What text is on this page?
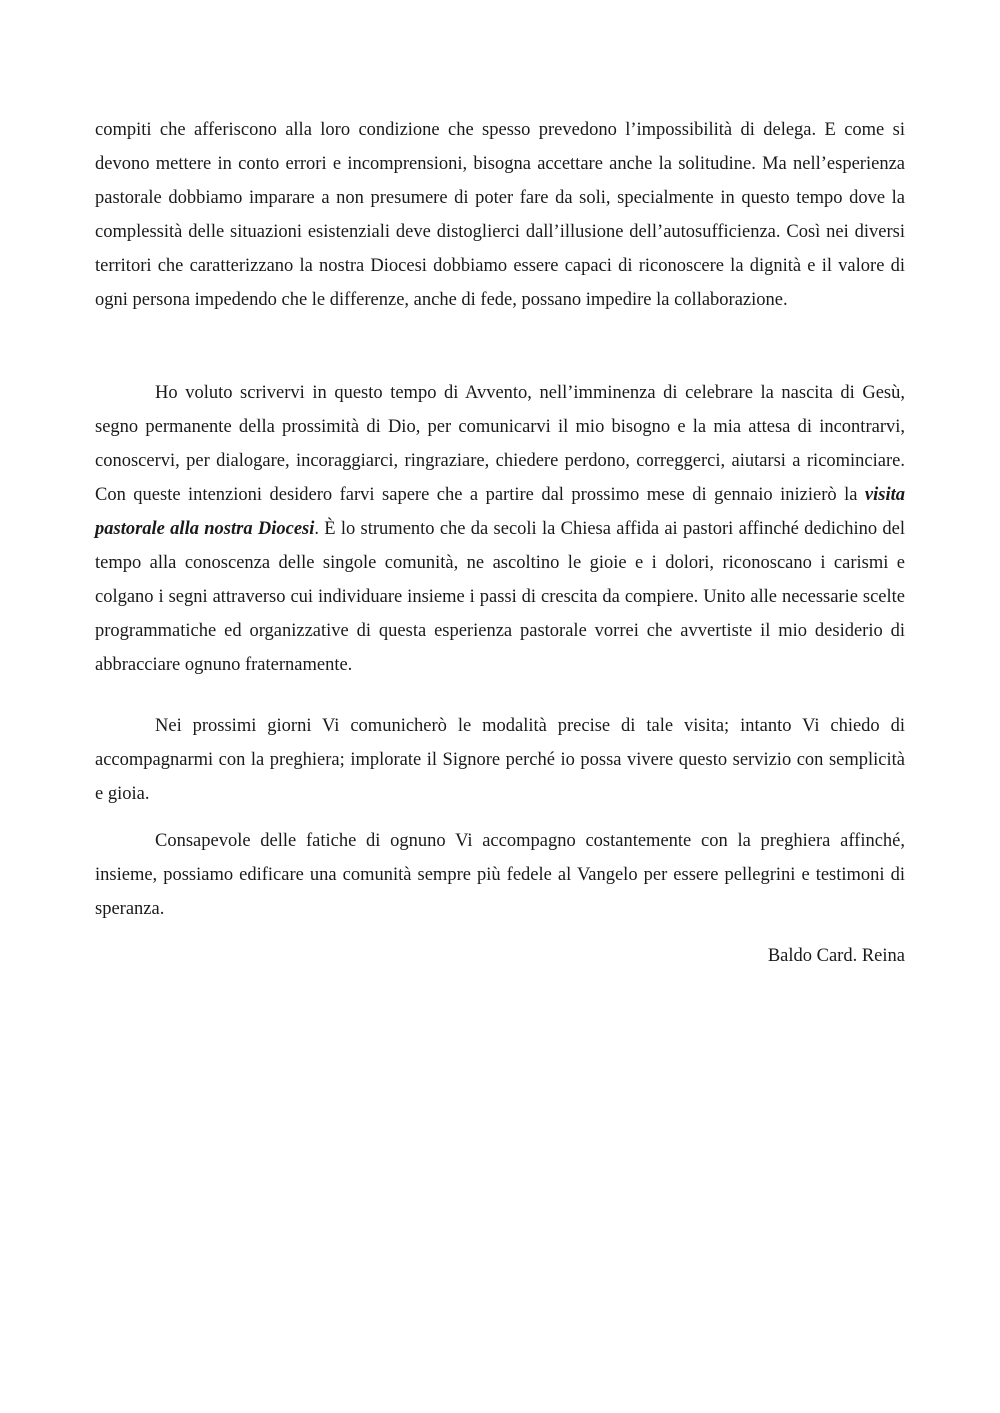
compiti che afferiscono alla loro condizione che spesso prevedono l’impossibilità di delega. E come si devono mettere in conto errori e incomprensioni, bisogna accettare anche la solitudine. Ma nell’esperienza pastorale dobbiamo imparare a non presumere di poter fare da soli, specialmente in questo tempo dove la complessità delle situazioni esistenziali deve distoglierci dall’illusione dell’autosufficienza. Così nei diversi territori che caratterizzano la nostra Diocesi dobbiamo essere capaci di riconoscere la dignità e il valore di ogni persona impedendo che le differenze, anche di fede, possano impedire la collaborazione.

Ho voluto scrivervi in questo tempo di Avvento, nell’imminenza di celebrare la nascita di Gesù, segno permanente della prossimità di Dio, per comunicarvi il mio bisogno e la mia attesa di incontrarvi, conoscervi, per dialogare, incoraggiarci, ringraziare, chiedere perdono, correggerci, aiutarsi a ricominciare. Con queste intenzioni desidero farvi sapere che a partire dal prossimo mese di gennaio inizierò la visita pastorale alla nostra Diocesi. È lo strumento che da secoli la Chiesa affida ai pastori affinché dedichino del tempo alla conoscenza delle singole comunità, ne ascoltino le gioie e i dolori, riconoscano i carismi e colgano i segni attraverso cui individuare insieme i passi di crescita da compiere. Unito alle necessarie scelte programmatiche ed organizzative di questa esperienza pastorale vorrei che avvertiste il mio desiderio di abbracciare ognuno fraternamente.

Nei prossimi giorni Vi comunicherò le modalità precise di tale visita; intanto Vi chiedo di accompagnarmi con la preghiera; implorate il Signore perché io possa vivere questo servizio con semplicità e gioia.

Consapevole delle fatiche di ognuno Vi accompagno costantemente con la preghiera affinché, insieme, possiamo edificare una comunità sempre più fedele al Vangelo per essere pellegrini e testimoni di speranza.

Baldo Card. Reina
